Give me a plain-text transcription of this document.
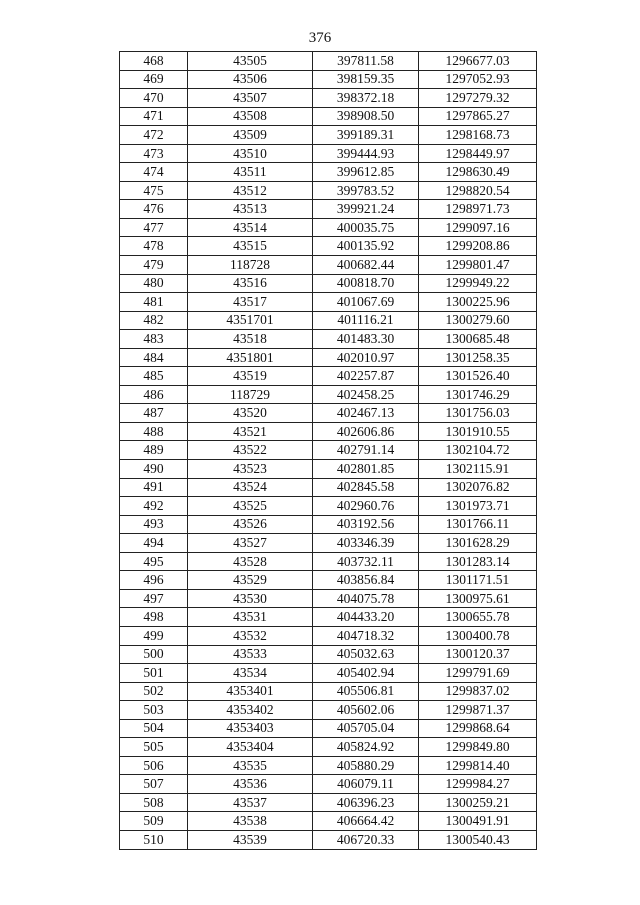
376
468	43505	397811.58	1296677.03
469	43506	398159.35	1297052.93
470	43507	398372.18	1297279.32
471	43508	398908.50	1297865.27
472	43509	399189.31	1298168.73
473	43510	399444.93	1298449.97
474	43511	399612.85	1298630.49
475	43512	399783.52	1298820.54
476	43513	399921.24	1298971.73
477	43514	400035.75	1299097.16
478	43515	400135.92	1299208.86
479	118728	400682.44	1299801.47
480	43516	400818.70	1299949.22
481	43517	401067.69	1300225.96
482	4351701	401116.21	1300279.60
483	43518	401483.30	1300685.48
484	4351801	402010.97	1301258.35
485	43519	402257.87	1301526.40
486	118729	402458.25	1301746.29
487	43520	402467.13	1301756.03
488	43521	402606.86	1301910.55
489	43522	402791.14	1302104.72
490	43523	402801.85	1302115.91
491	43524	402845.58	1302076.82
492	43525	402960.76	1301973.71
493	43526	403192.56	1301766.11
494	43527	403346.39	1301628.29
495	43528	403732.11	1301283.14
496	43529	403856.84	1301171.51
497	43530	404075.78	1300975.61
498	43531	404433.20	1300655.78
499	43532	404718.32	1300400.78
500	43533	405032.63	1300120.37
501	43534	405402.94	1299791.69
502	4353401	405506.81	1299837.02
503	4353402	405602.06	1299871.37
504	4353403	405705.04	1299868.64
505	4353404	405824.92	1299849.80
506	43535	405880.29	1299814.40
507	43536	406079.11	1299984.27
508	43537	406396.23	1300259.21
509	43538	406664.42	1300491.91
510	43539	406720.33	1300540.43
